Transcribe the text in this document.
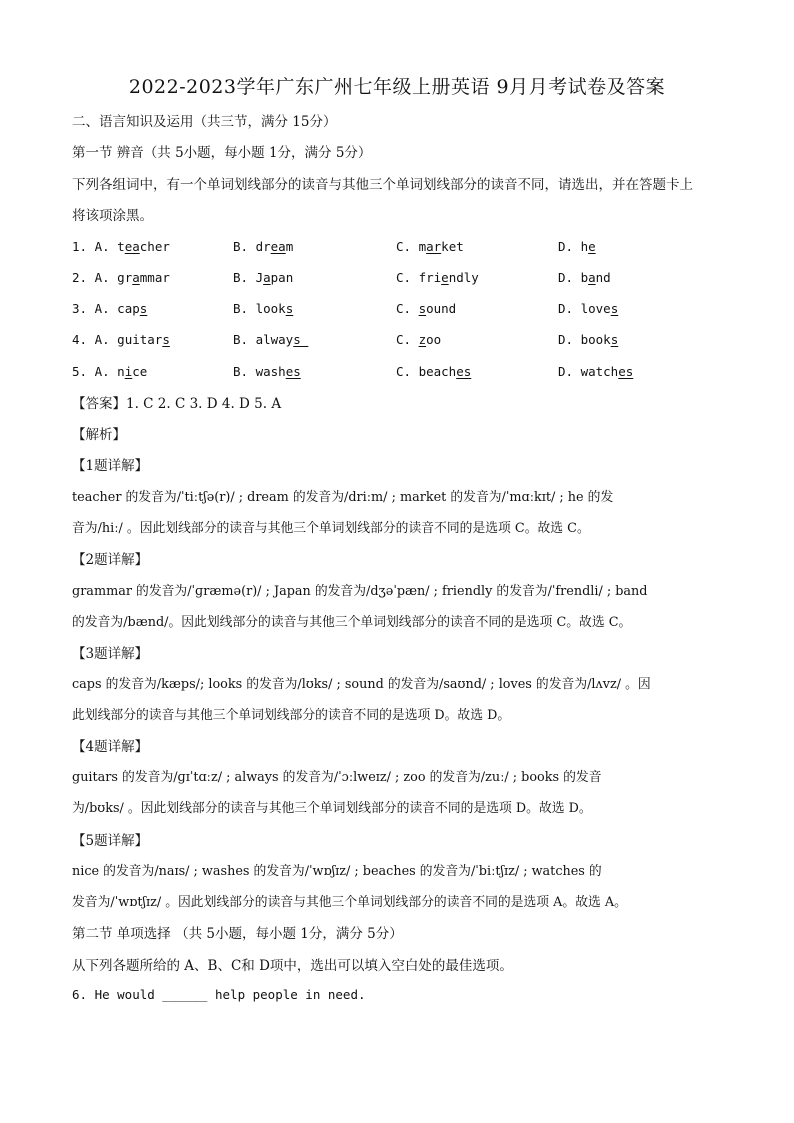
2022-2023学年广东广州七年级上册英语 9月月考试卷及答案
二、语言知识及运用（共三节，满分 15分）
第一节 辨音（共 5小题，每小题 1分，满分 5分）
下列各组词中，有一个单词划线部分的读音与其他三个单词划线部分的读音不同，请选出，并在答题卡上
将该项涂黑。
1. A. teacher	B. dream	C. market	D. he
2. A. grammar	B. Japan	C. friendly	D. band
3. A. caps	B. looks	C. sound	D. loves
4. A. guitars	B. always_	C. zoo	D. books
5. A. nice	B. washes	C. beaches	D. watches
【答案】1. C 2. C 3. D 4. D 5. A
【解析】
【1题详解】
teacher 的发音为/ˈtiːtʃə(r)/ ; dream 的发音为/driːm/ ; market 的发音为/ˈmɑːkɪt/ ; he 的发
音为/hiː/ 。因此划线部分的读音与其他三个单词划线部分的读音不同的是选项 C。故选 C。
【2题详解】
grammar 的发音为/ˈɡræmə(r)/ ; Japan 的发音为/dʒəˈpæn/ ; friendly 的发音为/ˈfrendli/ ; band
的发音为/bænd/。因此划线部分的读音与其他三个单词划线部分的读音不同的是选项 C。故选 C。
【3题详解】
caps 的发音为/kæps/; looks 的发音为/lʊks/ ; sound 的发音为/saʊnd/ ; loves 的发音为/lʌvz/ 。因
此划线部分的读音与其他三个单词划线部分的读音不同的是选项 D。故选 D。
【4题详解】
guitars 的发音为/ɡɪˈtɑːz/ ; always 的发音为/ˈɔːlweɪz/ ; zoo 的发音为/zuː/ ; books 的发音
为/bʊks/ 。因此划线部分的读音与其他三个单词划线部分的读音不同的是选项 D。故选 D。
【5题详解】
nice 的发音为/naɪs/ ; washes 的发音为/ˈwɒʃɪz/ ; beaches 的发音为/ˈbiːtʃɪz/ ; watches 的
发音为/ˈwɒtʃɪz/ 。因此划线部分的读音与其他三个单词划线部分的读音不同的是选项 A。故选 A。
第二节 单项选择 （共 5小题，每小题 1分，满分 5分）
从下列各题所给的 A、B、C和 D项中，选出可以填入空白处的最佳选项。
6. He would ______ help people in need.
